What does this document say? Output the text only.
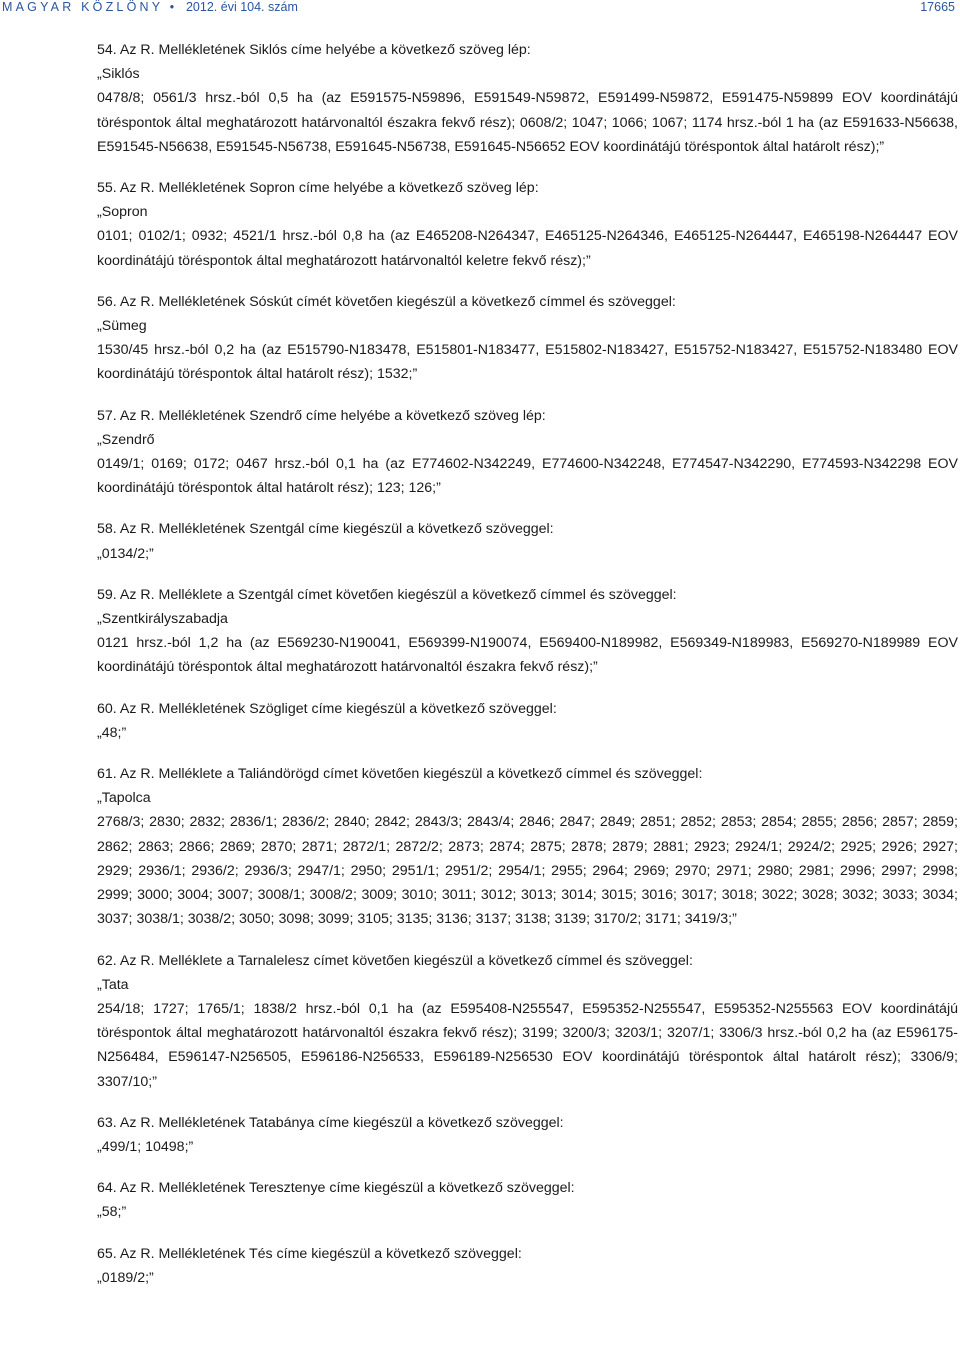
MAGYAR KÖZLÖNY • 2012. évi 104. szám	17665
54. Az R. Mellékletének Siklós címe helyébe a következő szöveg lép:
„Siklós
0478/8; 0561/3 hrsz.-ból 0,5 ha (az E591575-N59896, E591549-N59872, E591499-N59872, E591475-N59899 EOV koordinátájú töréspontok által meghatározott határvonaltól északra fekvő rész); 0608/2; 1047; 1066; 1067; 1174 hrsz.-ból 1 ha (az E591633-N56638, E591545-N56638, E591545-N56738, E591645-N56738, E591645-N56652 EOV koordinátájú töréspontok által határolt rész);”
55. Az R. Mellékletének Sopron címe helyébe a következő szöveg lép:
„Sopron
0101; 0102/1; 0932; 4521/1 hrsz.-ból 0,8 ha (az E465208-N264347, E465125-N264346, E465125-N264447, E465198-N264447 EOV koordinátájú töréspontok által meghatározott határvonaltól keletre fekvő rész);”
56. Az R. Mellékletének Sóskút címét követően kiegészül a következő címmel és szöveggel:
„Sümeg
1530/45 hrsz.-ból 0,2 ha (az E515790-N183478, E515801-N183477, E515802-N183427, E515752-N183427, E515752-N183480 EOV koordinátájú töréspontok által határolt rész); 1532;”
57. Az R. Mellékletének Szendrő címe helyébe a következő szöveg lép:
„Szendrő
0149/1; 0169; 0172; 0467 hrsz.-ból 0,1 ha (az E774602-N342249, E774600-N342248, E774547-N342290, E774593-N342298 EOV koordinátájú töréspontok által határolt rész); 123; 126;”
58. Az R. Mellékletének Szentgál címe kiegészül a következő szöveggel:
„0134/2;”
59. Az R. Melléklete a Szentgál címet követően kiegészül a következő címmel és szöveggel:
„Szentkirályszabadja
0121 hrsz.-ból 1,2 ha (az E569230-N190041, E569399-N190074, E569400-N189982, E569349-N189983, E569270-N189989 EOV koordinátájú töréspontok által meghatározott határvonaltól északra fekvő rész);”
60. Az R. Mellékletének Szögliget címe kiegészül a következő szöveggel:
„48;”
61. Az R. Melléklete a Taliándörögd címet követően kiegészül a következő címmel és szöveggel:
„Tapolca
2768/3; 2830; 2832; 2836/1; 2836/2; 2840; 2842; 2843/3; 2843/4; 2846; 2847; 2849; 2851; 2852; 2853; 2854; 2855; 2856; 2857; 2859; 2862; 2863; 2866; 2869; 2870; 2871; 2872/1; 2872/2; 2873; 2874; 2875; 2878; 2879; 2881; 2923; 2924/1; 2924/2; 2925; 2926; 2927; 2929; 2936/1; 2936/2; 2936/3; 2947/1; 2950; 2951/1; 2951/2; 2954/1; 2955; 2964; 2969; 2970; 2971; 2980; 2981; 2996; 2997; 2998; 2999; 3000; 3004; 3007; 3008/1; 3008/2; 3009; 3010; 3011; 3012; 3013; 3014; 3015; 3016; 3017; 3018; 3022; 3028; 3032; 3033; 3034; 3037; 3038/1; 3038/2; 3050; 3098; 3099; 3105; 3135; 3136; 3137; 3138; 3139; 3170/2; 3171; 3419/3;”
62. Az R. Melléklete a Tarnalelesz címet követően kiegészül a következő címmel és szöveggel:
„Tata
254/18; 1727; 1765/1; 1838/2 hrsz.-ból 0,1 ha (az E595408-N255547, E595352-N255547, E595352-N255563 EOV koordinátájú töréspontok által meghatározott határvonaltól északra fekvő rész); 3199; 3200/3; 3203/1; 3207/1; 3306/3 hrsz.-ból 0,2 ha (az E596175-N256484, E596147-N256505, E596186-N256533, E596189-N256530 EOV koordinátájú töréspontok által határolt rész); 3306/9; 3307/10;”
63. Az R. Mellékletének Tatabánya címe kiegészül a következő szöveggel:
„499/1; 10498;”
64. Az R. Mellékletének Teresztenye címe kiegészül a következő szöveggel:
„58;”
65. Az R. Mellékletének Tés címe kiegészül a következő szöveggel:
„0189/2;”
